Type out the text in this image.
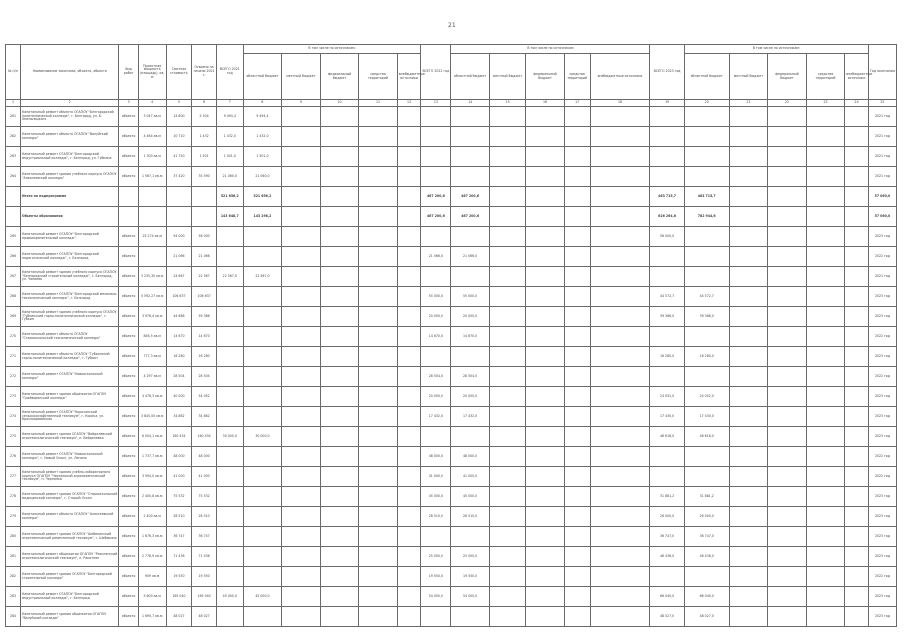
21
№ п/п	Наименование заказчика, объекта, обьекта	Вид работ	Проектная мощность (площадь), кв. м	Сметная стоимость	Освоено на начало 2021 г.	ВСЕГО 2021 год	В том числе по источникам:					ВСЕГО 2022 год	В том числе по источникам					ВСЕГО 2023 год	В том числе по источникам:					Год окончания
							областной бюджет	местный бюджет	федеральный бюджет	средства территорий	внебюджетные источники		областной бюджет	местный бюджет	федеральный бюджет	средства территорий	внебюджетные источники		областной бюджет	местный бюджет	федеральный бюджет	средства территорий	внебюджетные источники	
1	2	3	4	5	6	7	8	9	10	11	12	13	14	15	16	17	18	19	20	21	22	23	24	25
261	Капитальный ремонт объекта ОГАПОУ "Белгородский политехнический колледж", г. Белгород, ул. Б. Хмельницкого	обьекто	3 047 кв.м	14 800	5 304	9 494,4	9 494,4																	2021 год
262	Капитальный ремонт объекта ОГАПОУ "Валуйский колледж"	обьекто	4 464 кв.м	10 710	1 432	1 432,0	1 432,0																	2021 год
263	Капитальный ремонт ОГАПОУ "Белгородский индустриальный колледж", г. Белгород, ул. Губкина	обьекто	1 300 кв.м	41 750	1 501	1 501,0	1 501,0																	2021 год
264	Капитальный ремонт здания учебного корпуса ОГАПОУ "Алексеевский колледж"	обьекто	1 567,1 кв.м	37 420	35 590	21 060,0	21 060,0																	2021 год
	Итого по подпрограмме					521 656,2	521 656,2					467 200,6	467 200,6					463 715,7	463 715,7					57 060,0
	Обьекты образования					143 648,7	143 298,2					467 200,6	467 200,6					626 264,6	782 944,6					57 060,0
265	Капитальный ремонт ОГАПОУ "Белгородский правоохранительный колледж"	обьекто	25 274 кв.м	94 000	56 000													56 000,0						2023 год
266	Капитальный ремонт ОГАПОУ "Белгородский педагогический колледж", г. Белгород	обьекто		21 066	21 066							21 066,0	21 066,0											2022 год
267	Капитальный ремонт здания учебного корпуса ОГАПОУ "Белгородский строительный колледж", г. Белгород, ул. Чапаева	обьекто	3 235,30 кв.м	24 667	22 567	22 567,0	22 567,0																	2021 год
268	Капитальный ремонт ОГАПОУ "Белгородский механико-технологический колледж", г. Белгород	обьекто	5 592,27 кв.м	106 637	106 637							55 000,0	55 000,0					44 572,7	44 572,7					2023 год
269	Капитальный ремонт здания учебного корпуса ОГАПОУ "Губкинский горно-политехнический колледж", г. Губкин	обьекто	3 976,4 кв.м	44 686	59 386							20 000,0	20 000,0					39 386,0	39 386,0					2023 год
270	Капитальный ремонт объекта ОГАПОУ "Старооскольский технологический колледж"	обьекто	846,5 кв.м	14 670	14 670							14 670,0	14 670,0											2022 год
271	Капитальный ремонт объекта ОГАПОУ "Губкинский горно-политехнический колледж", г. Губкин	обьекто	777,3 кв.м	16 280	16 280													16 280,0	16 280,0					2023 год
272	Капитальный ремонт ОГАПОУ "Новооскольский колледж"	обьекто	4 297 кв.м	28 504	28 504							28 504,0	28 504,0											2022 год
273	Капитальный ремонт здания общежития ОГАПОУ "Грайворонский колледж"	обьекто	4 478,3 кв.м	40 000	54 052							20 000,0	20 000,0					24 052,0	24 052,0					2023 год
274	Капитальный ремонт ОГАПОУ "Корочанский сельскохозяйственный техникум", г. Короча, ул. Красноармейская	обьекто	3 845,00 кв.м	34 862	34 862							17 432,0	17 432,0					17 430,0	17 430,0					2023 год
275	Капитальный ремонт здания ОГАПОУ "Вейделевский агротехнологический техникум", п. Вейделевка	обьекто	6 004,1 кв.м	160 434	160 434	30 000,0	30 000,0											46 616,0	46 616,0					2023 год
276	Капитальный ремонт ОГАПОУ "Новооскольский колледж", г. Новый Оскол, ул. Ленина	обьекто	1 737,7 кв.м	48 000	48 000							48 000,0	48 000,0											2022 год
277	Капитальный ремонт здания учебно-лабораторного корпуса ОГАПОУ "Чернянский агромеханический техникум", п. Чернянка	обьекто	3 594,0 кв.м	41 000	41 000							41 000,0	41 000,0											2022 год
278	Капитальный ремонт здания ОГАПОУ "Старооскольский медицинский колледж", г. Старый Оскол	обьекто	2 400,8 кв.м	75 532	75 532							45 000,0	45 000,0					31 881,2	31 881,2					2023 год
279	Капитальный ремонт объекта ОГАПОУ "Алексеевский колледж"	обьекто	2 400 кв.м	28 510	28 510							28 510,0	28 510,0					26 000,0	26 000,0					2023 год
280	Капитальный ремонт здания ОГАПОУ "Шебекинский агротехнический ремесленный техникум", г. Шебекино	обьекто	1 676,3 кв.м	36 747	36 747													36 747,0	36 747,0					2023 год
281	Капитальный ремонт общежития ОГАПОУ "Ракитянский агротехнологический техникум", п. Ракитное	обьекто	2 778,9 кв.м	71 436	71 436							25 000,0	25 000,0					46 436,0	46 436,0					2023 год
282	Капитальный ремонт здания ОГАПОУ "Белгородский строительный колледж"	обьекто	909 кв.м	19 550	19 550							19 550,0	19 550,0											2022 год
283	Капитальный ремонт ОГАПОУ "Белгородский индустриальный колледж", г. Белгород	обьекто	5 600 кв.м	165 040	165 040	45 000,0	45 000,0					54 000,0	54 000,0					66 040,0	66 040,0					2023 год
284	Капитальный ремонт здания общежития ОГАПОУ "Валуйский колледж"	обьекто	1 695,7 кв.м	48 027	48 027													48 027,0	48 027,0					2023 год
